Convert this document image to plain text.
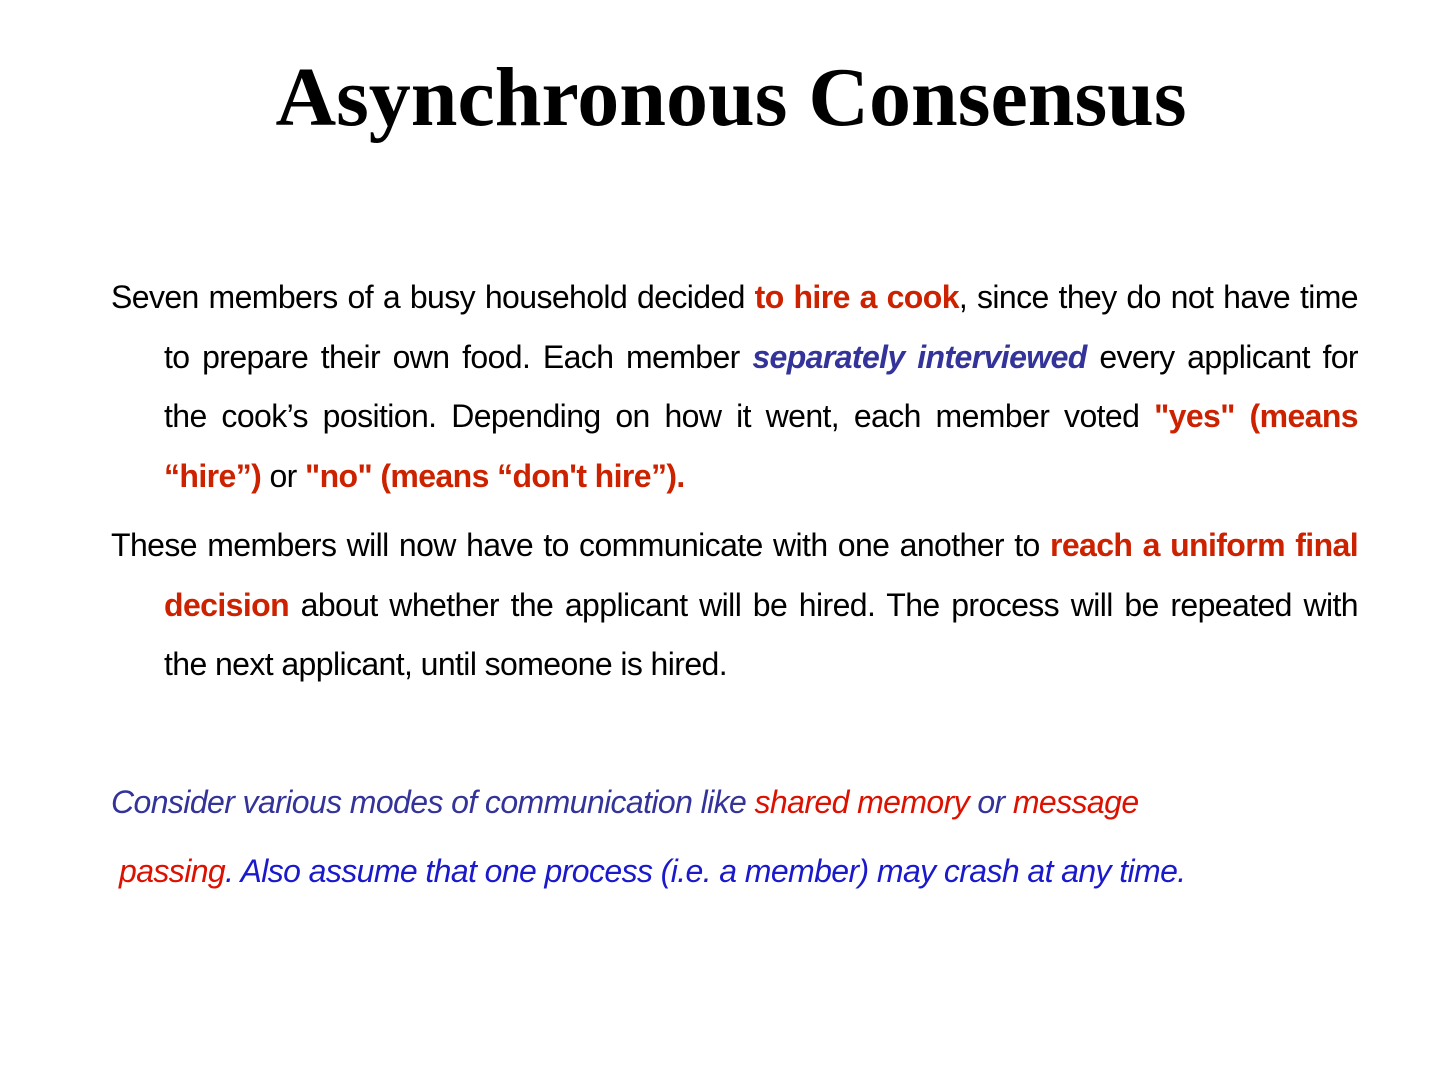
Asynchronous Consensus

Seven members of a busy household decided to hire a cook, since they do not have time to prepare their own food. Each member separately interviewed every applicant for the cook’s position. Depending on how it went, each member voted "yes" (means “hire”) or "no" (means “don't hire”).

These members will now have to communicate with one another to reach a uniform final decision about whether the applicant will be hired. The process will be repeated with the next applicant, until someone is hired.

Consider various modes of communication like shared memory or message

passing. Also assume that one process (i.e. a member) may crash at any time.
